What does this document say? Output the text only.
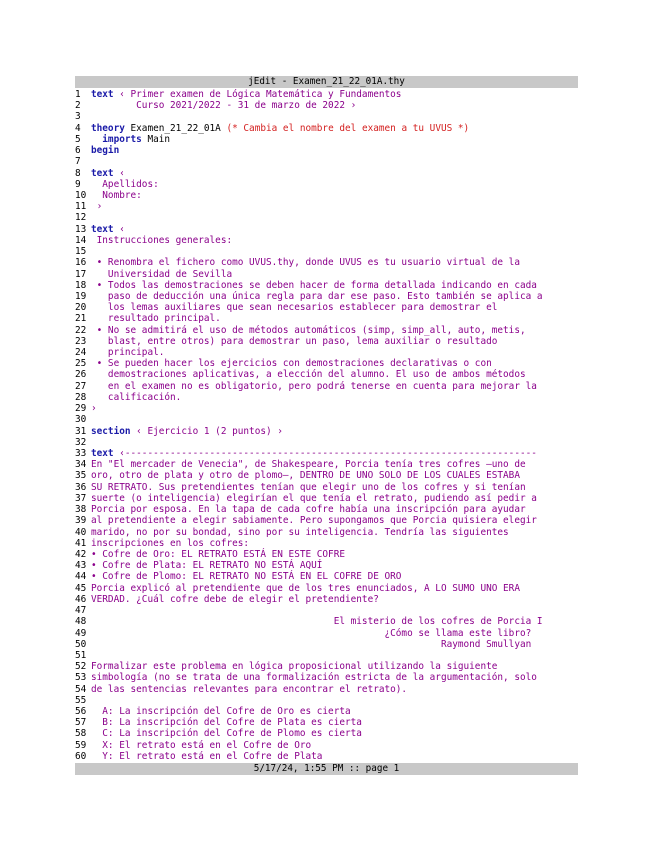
jEdit - Examen_21_22_01A.thy
1	text ‹ Primer examen de Lógica Matemática y Fundamentos
2	Curso 2021/2022 - 31 de marzo de 2022 ›
3
4	theory Examen_21_22_01A (* Cambia el nombre del examen a tu UVUS *)
5	imports Main
6	begin
7
8	text ‹
9	Apellidos:
10 Nombre:
11 ›
12
13 text ‹
14 Instrucciones generales:
15
16 • Renombra el fichero como UVUS.thy, donde UVUS es tu usuario virtual de la
17 Universidad de Sevilla
18 • Todos las demostraciones se deben hacer de forma detallada indicando en cada
19 paso de deducción una única regla para dar ese paso. Esto también se aplica a
20 los lemas auxiliares que sean necesarios establecer para demostrar el
21 resultado principal.
22 • No se admitirá el uso de métodos automáticos (simp, simp_all, auto, metis,
23 blast, entre otros) para demostrar un paso, lema auxiliar o resultado
24 principal.
25 • Se pueden hacer los ejercicios con demostraciones declarativas o con
26 demostraciones aplicativas, a elección del alumno. El uso de ambos métodos
27 en el examen no es obligatorio, pero podrá tenerse en cuenta para mejorar la
28 calificación.
29 ›
30
31 section ‹ Ejercicio 1 (2 puntos) ›
32
33 text ‹-------------------------------------------------------------------------
34 En "El mercader de Venecia", de Shakespeare, Porcia tenía tres cofres ―uno de
35 oro, otro de plata y otro de plomo―, DENTRO DE UNO SOLO DE LOS CUALES ESTABA
36 SU RETRATO. Sus pretendientes tenían que elegir uno de los cofres y si tenían
37 suerte (o inteligencia) elegirían el que tenía el retrato, pudiendo así pedir a
38 Porcia por esposa. En la tapa de cada cofre había una inscripción para ayudar
39 al pretendiente a elegir sabiamente. Pero supongamos que Porcia quisiera elegir
40 marido, no por su bondad, sino por su inteligencia. Tendría las siguientes
41 inscripciones en los cofres:
42 • Cofre de Oro: EL RETRATO ESTÁ EN ESTE COFRE
43 • Cofre de Plata: EL RETRATO NO ESTÁ AQUÍ
44 • Cofre de Plomo: EL RETRATO NO ESTÁ EN EL COFRE DE ORO
45 Porcia explicó al pretendiente que de los tres enunciados, A LO SUMO UNO ERA
46 VERDAD. ¿Cuál cofre debe de elegir el pretendiente?
47
48 El misterio de los cofres de Porcia I
49 ¿Cómo se llama este libro?
50 Raymond Smullyan
51
52 Formalizar este problema en lógica proposicional utilizando la siguiente
53 simbología (no se trata de una formalización estricta de la argumentación, solo
54 de las sentencias relevantes para encontrar el retrato).
55
56 A: La inscripción del Cofre de Oro es cierta
57 B: La inscripción del Cofre de Plata es cierta
58 C: La inscripción del Cofre de Plomo es cierta
59 X: El retrato está en el Cofre de Oro
60 Y: El retrato está en el Cofre de Plata
5/17/24, 1:55 PM :: page 1
